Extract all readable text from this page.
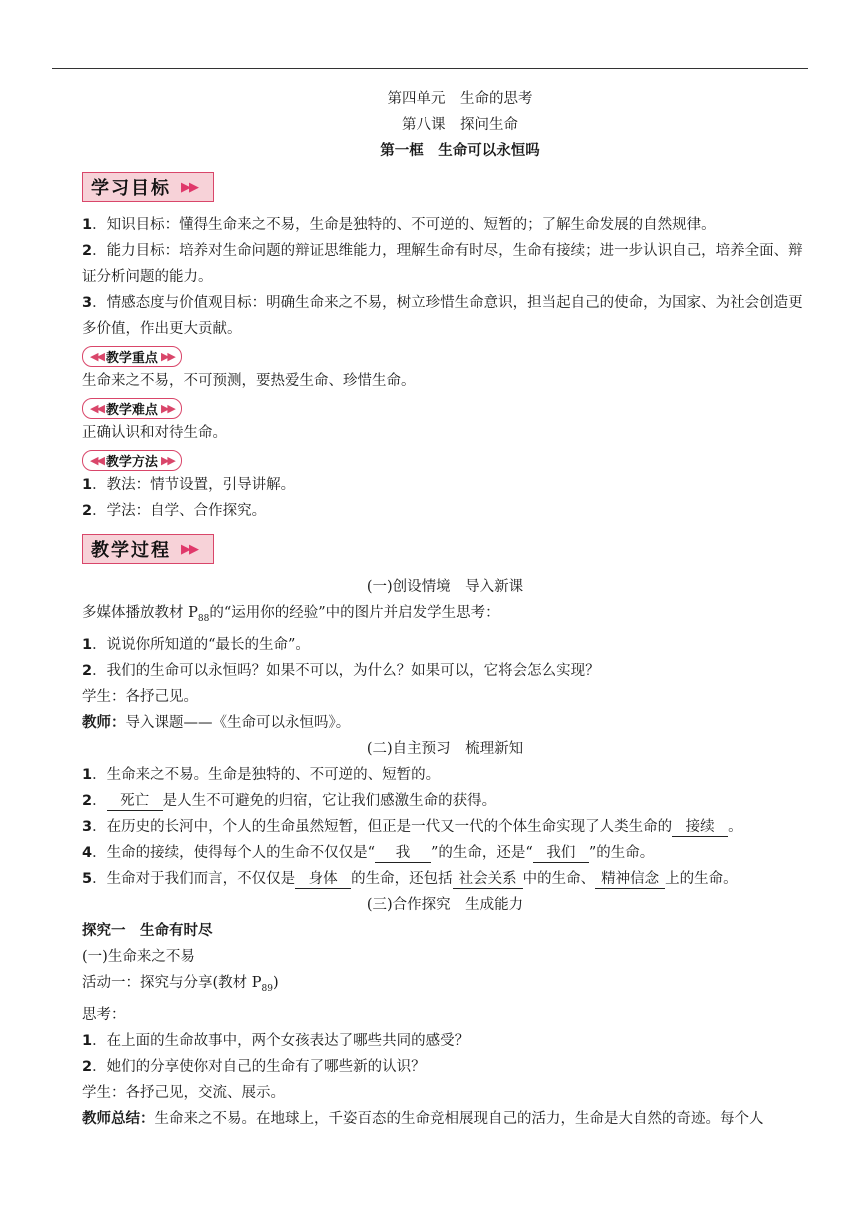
第四单元　生命的思考
第八课　探问生命
第一框　生命可以永恒吗
学习目标 ▶▶

1．知识目标：懂得生命来之不易，生命是独特的、不可逆的、短暂的；了解生命发展的自然规律。

2．能力目标：培养对生命问题的辩证思维能力，理解生命有时尽，生命有接续；进一步认识自己，培养全面、辩证分析问题的能力。

3．情感态度与价值观目标：明确生命来之不易，树立珍惜生命意识，担当起自己的使命，为国家、为社会创造更多价值，作出更大贡献。

◀◀ 教学重点 ▶▶

生命来之不易，不可预测，要热爱生命、珍惜生命。

◀◀ 教学难点 ▶▶

正确认识和对待生命。

◀◀ 教学方法 ▶▶

1．教法：情节设置，引导讲解。

2．学法：自学、合作探究。

教学过程 ▶▶

(一)创设情境　导入新课

多媒体播放教材 $P_{88}$的“运用你的经验”中的图片并启发学生思考：

1．说说你所知道的“最长的生命”。

2．我们的生命可以永恒吗？如果不可以，为什么？如果可以，它将会怎么实现？

学生：各抒己见。

教师：导入课题——《生命可以永恒吗》。

(二)自主预习　梳理新知

1．生命来之不易。生命是独特的、不可逆的、短暂的。

2． 死亡 是人生不可避免的归宿，它让我们感激生命的获得。

3．在历史的长河中，个人的生命虽然短暂，但正是一代又一代的个体生命实现了人类生命的 接续 。

4．生命的接续，使得每个人的生命不仅仅是“ 我 ”的生命，还是“ 我们 ”的生命。

5．生命对于我们而言，不仅仅是 身体 的生命，还包括 社会关系 中的生命、 精神信念 上的生命。

(三)合作探究　生成能力

探究一　生命有时尽

(一)生命来之不易

活动一：探究与分享(教材 $P_{89}$)

思考：

1．在上面的生命故事中，两个女孩表达了哪些共同的感受？

2．她们的分享使你对自己的生命有了哪些新的认识？

学生：各抒己见，交流、展示。

教师总结：生命来之不易。在地球上，千姿百态的生命竞相展现自己的活力，生命是大自然的奇迹。每个人
